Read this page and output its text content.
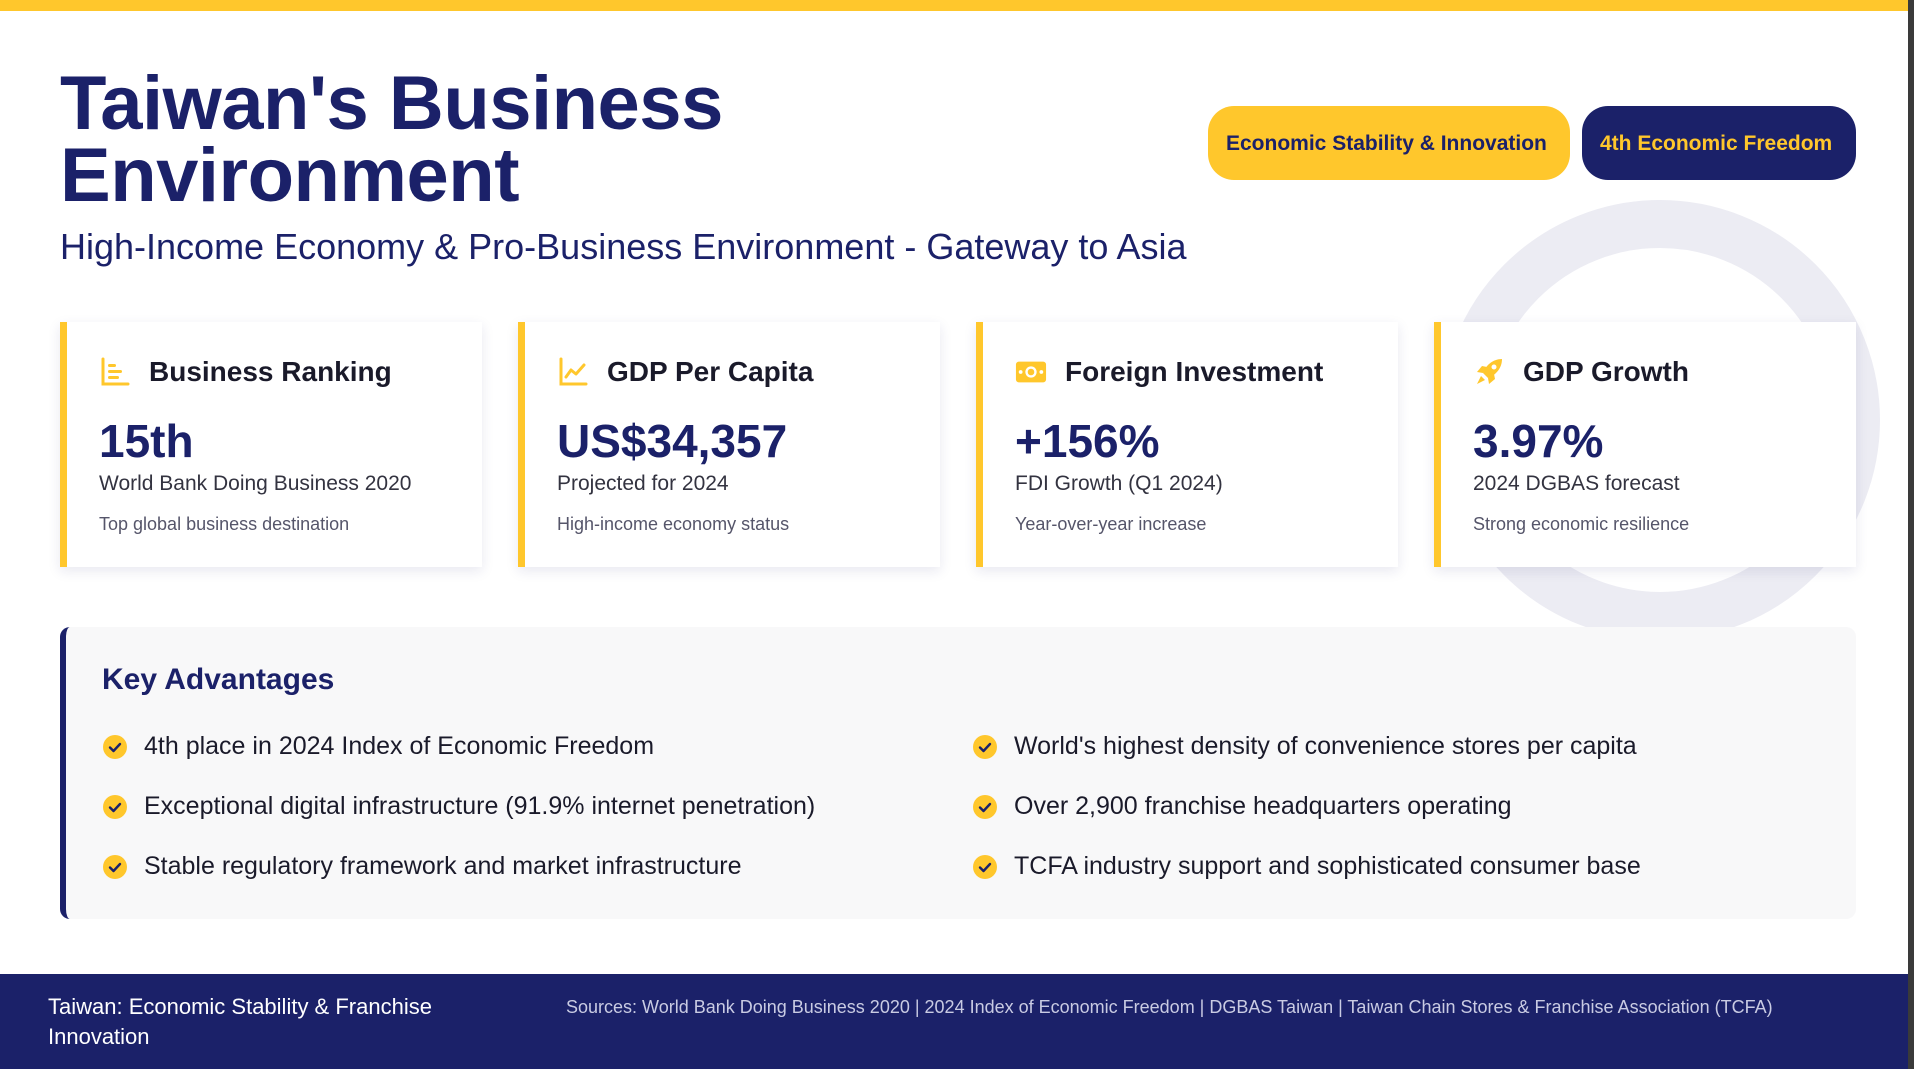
Taiwan's Business Environment
High-Income Economy & Pro-Business Environment - Gateway to Asia
Economic Stability & Innovation	4th Economic Freedom
Business Ranking
15th
World Bank Doing Business 2020
Top global business destination
GDP Per Capita
US$34,357
Projected for 2024
High-income economy status
Foreign Investment
+156%
FDI Growth (Q1 2024)
Year-over-year increase
GDP Growth
3.97%
2024 DGBAS forecast
Strong economic resilience
Key Advantages
4th place in 2024 Index of Economic Freedom
Exceptional digital infrastructure (91.9% internet penetration)
Stable regulatory framework and market infrastructure
World's highest density of convenience stores per capita
Over 2,900 franchise headquarters operating
TCFA industry support and sophisticated consumer base
Taiwan: Economic Stability & Franchise Innovation
Sources: World Bank Doing Business 2020 | 2024 Index of Economic Freedom | DGBAS Taiwan | Taiwan Chain Stores & Franchise Association (TCFA)
